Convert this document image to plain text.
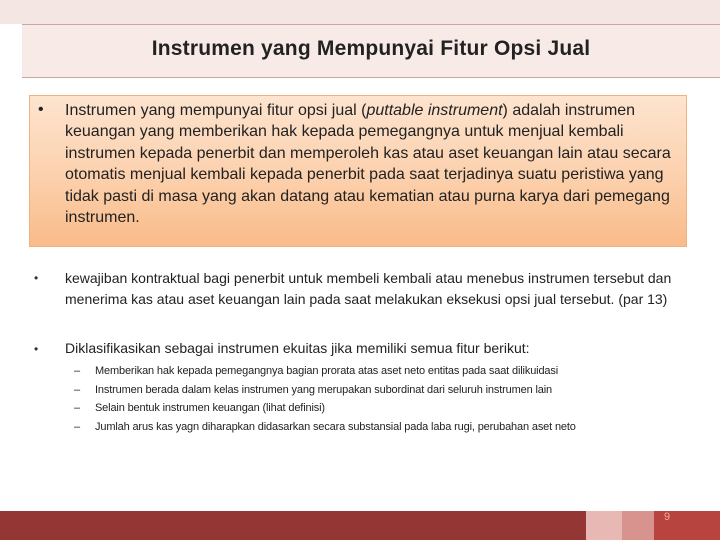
Instrumen yang Mempunyai Fitur Opsi Jual
• Instrumen yang mempunyai fitur opsi jual (puttable instrument) adalah instrumen keuangan yang memberikan hak kepada pemegangnya untuk menjual kembali instrumen kepada penerbit dan memperoleh kas atau aset keuangan lain atau secara otomatis menjual kembali kepada penerbit pada saat terjadinya suatu peristiwa yang tidak pasti di masa yang akan datang atau kematian atau purna karya dari pemegang instrumen.
• kewajiban kontraktual bagi penerbit untuk membeli kembali atau menebus instrumen tersebut dan menerima kas atau aset keuangan lain pada saat melakukan eksekusi opsi jual tersebut. (par 13)
• Diklasifikasikan sebagai instrumen ekuitas jika memiliki semua fitur berikut:
– Memberikan hak kepada pemegangnya bagian prorata atas aset neto entitas pada saat dilikuidasi
– Instrumen berada dalam kelas instrumen yang merupakan subordinat dari seluruh instrumen lain
– Selain bentuk instrumen keuangan (lihat definisi)
– Jumlah arus kas yagn diharapkan didasarkan secara substansial pada laba rugi, perubahan aset neto
9
